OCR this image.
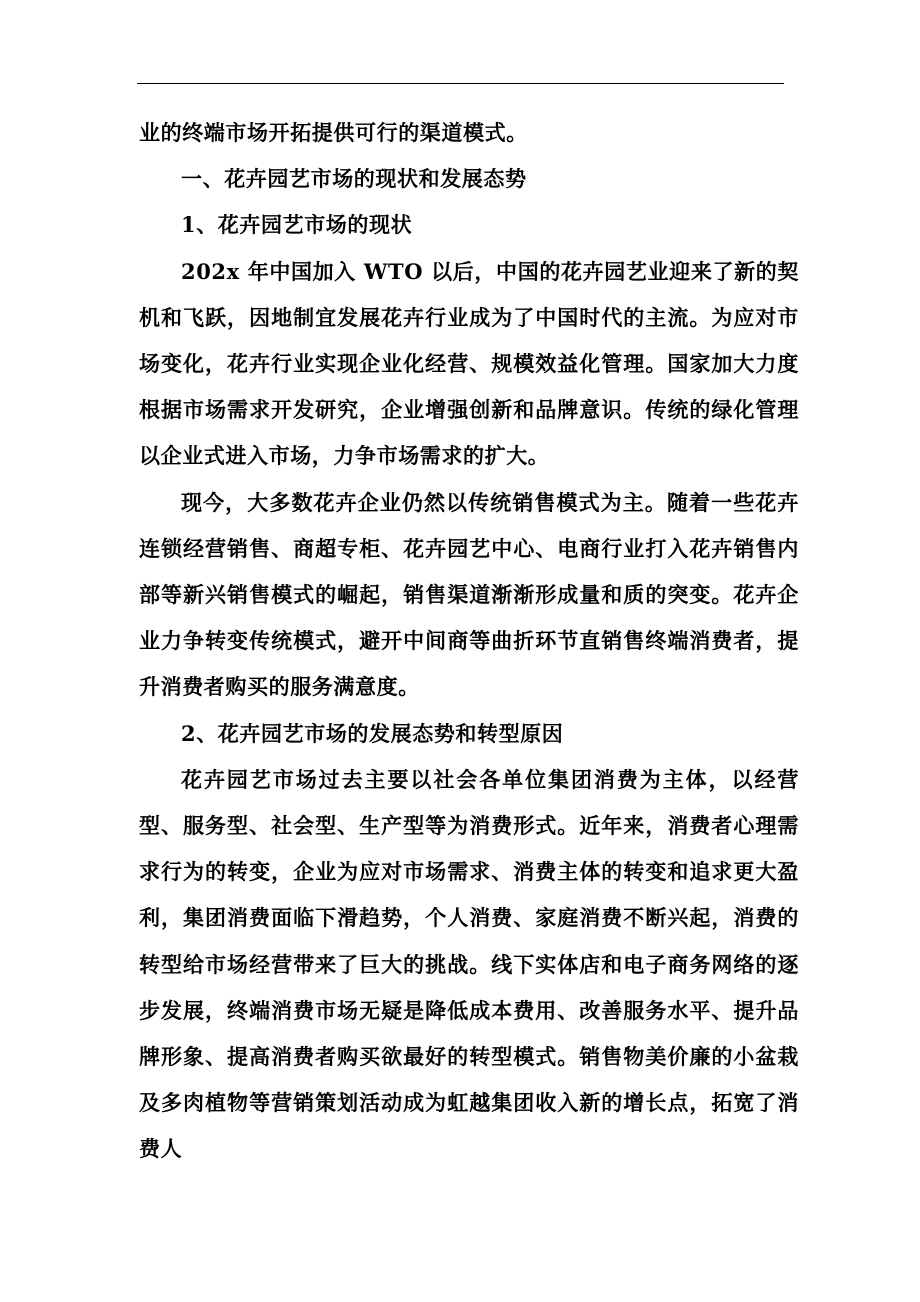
业的终端市场开拓提供可行的渠道模式。

一、花卉园艺市场的现状和发展态势

1、花卉园艺市场的现状

202x 年中国加入 WTO 以后，中国的花卉园艺业迎来了新的契机和飞跃，因地制宜发展花卉行业成为了中国时代的主流。为应对市场变化，花卉行业实现企业化经营、规模效益化管理。国家加大力度根据市场需求开发研究，企业增强创新和品牌意识。传统的绿化管理以企业式进入市场，力争市场需求的扩大。

现今，大多数花卉企业仍然以传统销售模式为主。随着一些花卉连锁经营销售、商超专柜、花卉园艺中心、电商行业打入花卉销售内部等新兴销售模式的崛起，销售渠道渐渐形成量和质的突变。花卉企业力争转变传统模式，避开中间商等曲折环节直销售终端消费者，提升消费者购买的服务满意度。

2、花卉园艺市场的发展态势和转型原因

花卉园艺市场过去主要以社会各单位集团消费为主体，以经营型、服务型、社会型、生产型等为消费形式。近年来，消费者心理需求行为的转变，企业为应对市场需求、消费主体的转变和追求更大盈利，集团消费面临下滑趋势，个人消费、家庭消费不断兴起，消费的转型给市场经营带来了巨大的挑战。线下实体店和电子商务网络的逐步发展，终端消费市场无疑是降低成本费用、改善服务水平、提升品牌形象、提高消费者购买欲最好的转型模式。销售物美价廉的小盆栽及多肉植物等营销策划活动成为虹越集团收入新的增长点，拓宽了消费人
